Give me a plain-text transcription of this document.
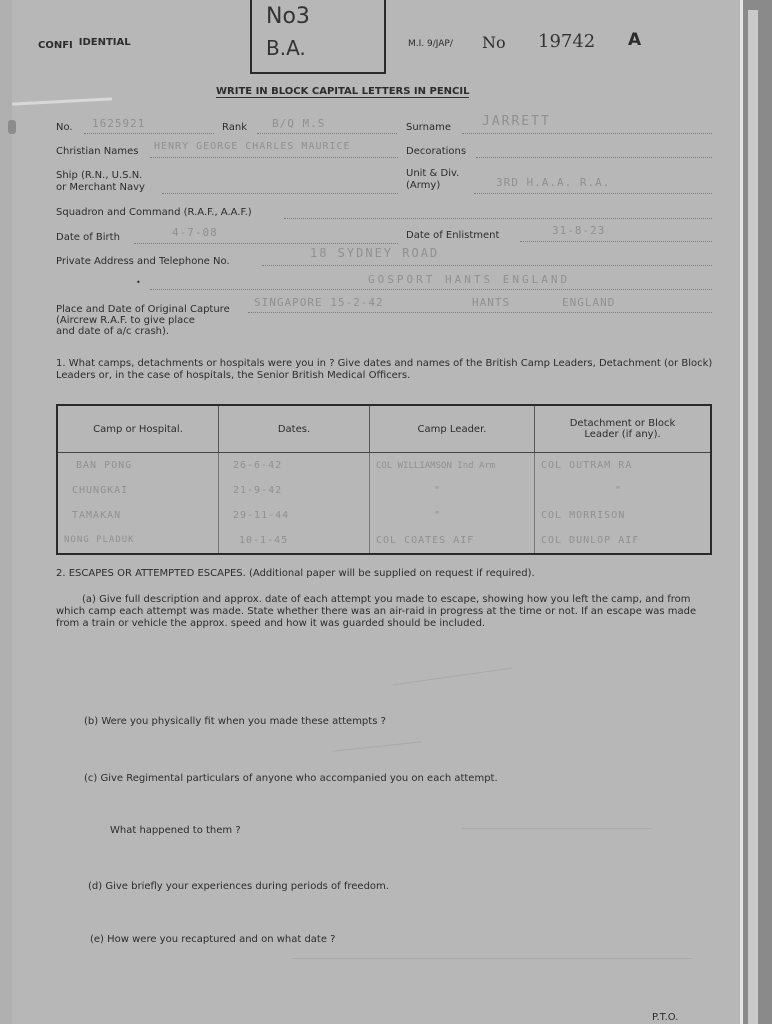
CONFI IDENTIAL
No3
B.A.	M.I. 9/JAP/ No 19742 A
WRITE IN BLOCK CAPITAL LETTERS IN PENCIL
No. 1625921	Rank B/Q M.S	Surname JARRETT
Christian Names HENRY GEORGE CHARLES MAURICE	Decorations
Ship (R.N., U.S.N.
or Merchant Navy
Unit & Div.
(Army)	3RD H.A.A. R.A.
Squadron and Command (R.A.F., A.A.F.)
Date of Birth	4-7-08	Date of Enlistment	31-8-23
Private Address and Telephone No.
18 SYDNEY ROAD
•	GOSPORT HANTS ENGLAND
Place and Date of Original Capture
(Aircrew R.A.F. to give place
and date of a/c crash).
SINGAPORE 15-2-42	HANTS	ENGLAND
1. What camps, detachments or hospitals were you in ? Give dates and names of the British Camp Leaders, Detachment (or Block) Leaders or, in the case of hospitals, the Senior British Medical Officers.
Camp or Hospital.	Dates.	Camp Leader.	Detachment or Block Leader (if any).
BAN PONG	26-6-42	COL WILLIAMSON Ind Arm	COL OUTRAM RA
CHUNGKAI	21-9-42	"	"
TAMAKAN	29-11-44	"	COL MORRISON
NONG PLADUK	10-1-45	COL COATES AIF	COL DUNLOP AIF
2. ESCAPES OR ATTEMPTED ESCAPES. (Additional paper will be supplied on request if required).
(a) Give full description and approx. date of each attempt you made to escape, showing how you left the camp, and from which camp each attempt was made. State whether there was an air-raid in progress at the time or not. If an escape was made from a train or vehicle the approx. speed and how it was guarded should be included.
(b) Were you physically fit when you made these attempts ?
(c) Give Regimental particulars of anyone who accompanied you on each attempt.
What happened to them ?
(d) Give briefly your experiences during periods of freedom.
(e) How were you recaptured and on what date ?
P.T.O.
